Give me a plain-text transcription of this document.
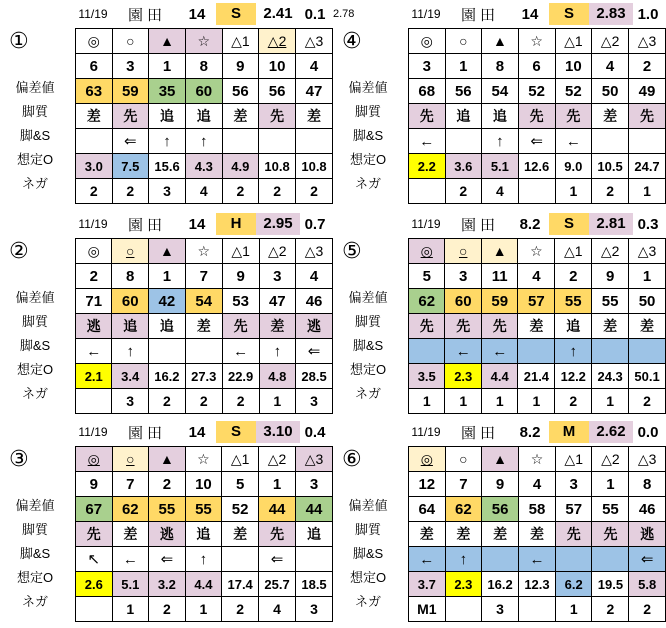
11/19	園田	14	S	2.41 0.1 2.78
①
偏差値
脚質
脚&S
想定O
ネガ
◎	○	▲	☆	△1	△2	△3
6	3	1	8	9	10	4
63	59	35	60	56	56	47
差	先	追	追	差	先	差
	⇐	↑	↑			
3.0	7.5	15.6	4.3	4.9	10.8	10.8
2	2	3	4	2	2	2
11/19	園田	14	S	2.83 1.0
④
偏差値
脚質
脚&S
想定O
ネガ
◎	○	▲	☆	△1	△2	△3
3	1	8	6	10	4	2
68	56	54	52	52	50	49
先	追	追	先	先	差	先
←		↑	⇐	←		
2.2	3.6	5.1	12.6	9.0	10.5	24.7
	2	4		1	2	1
11/19	園田	14	H	2.95 0.7
②
偏差値
脚質
脚&S
想定O
ネガ
◎	○	▲	☆	△1	△2	△3
2	8	1	7	9	3	4
71	60	42	54	53	47	46
逃	追	追	差	先	差	逃
←	↑			←	↑	⇐
2.1	3.4	16.2	27.3	22.9	4.8	28.5
	3	2	2	2	1	3
11/19	園田	8.2	S	2.81 0.3
⑤
偏差値
脚質
脚&S
想定O
ネガ
◎	○	▲	☆	△1	△2	△3
5	3	11	4	2	9	1
62	60	59	57	55	55	50
先	先	先	差	追	差	差
	←	←		↑		
3.5	2.3	4.4	21.4	12.2	24.3	50.1
1	1	1	1	2	1	2
11/19	園田	14	S	3.10 0.4
③
偏差値
脚質
脚&S
想定O
ネガ
◎	○	▲	☆	△1	△2	△3
9	7	2	10	5	1	3
67	62	55	55	52	44	44
先	差	逃	追	差	先	追
↖	←	⇐	↑		⇐	
2.6	5.1	3.2	4.4	17.4	25.7	18.5
	1	2	1	2	4	3
11/19	園田	8.2	M	2.62 0.0
⑥
偏差値
脚質
脚&S
想定O
ネガ
◎	○	▲	☆	△1	△2	△3
12	7	9	4	3	1	8
64	62	56	58	57	55	46
差	差	差	差	先	先	逃
←	↑		←			⇐
3.7	2.3	16.2	12.3	6.2	19.5	5.8
M1		3		1	2	2
